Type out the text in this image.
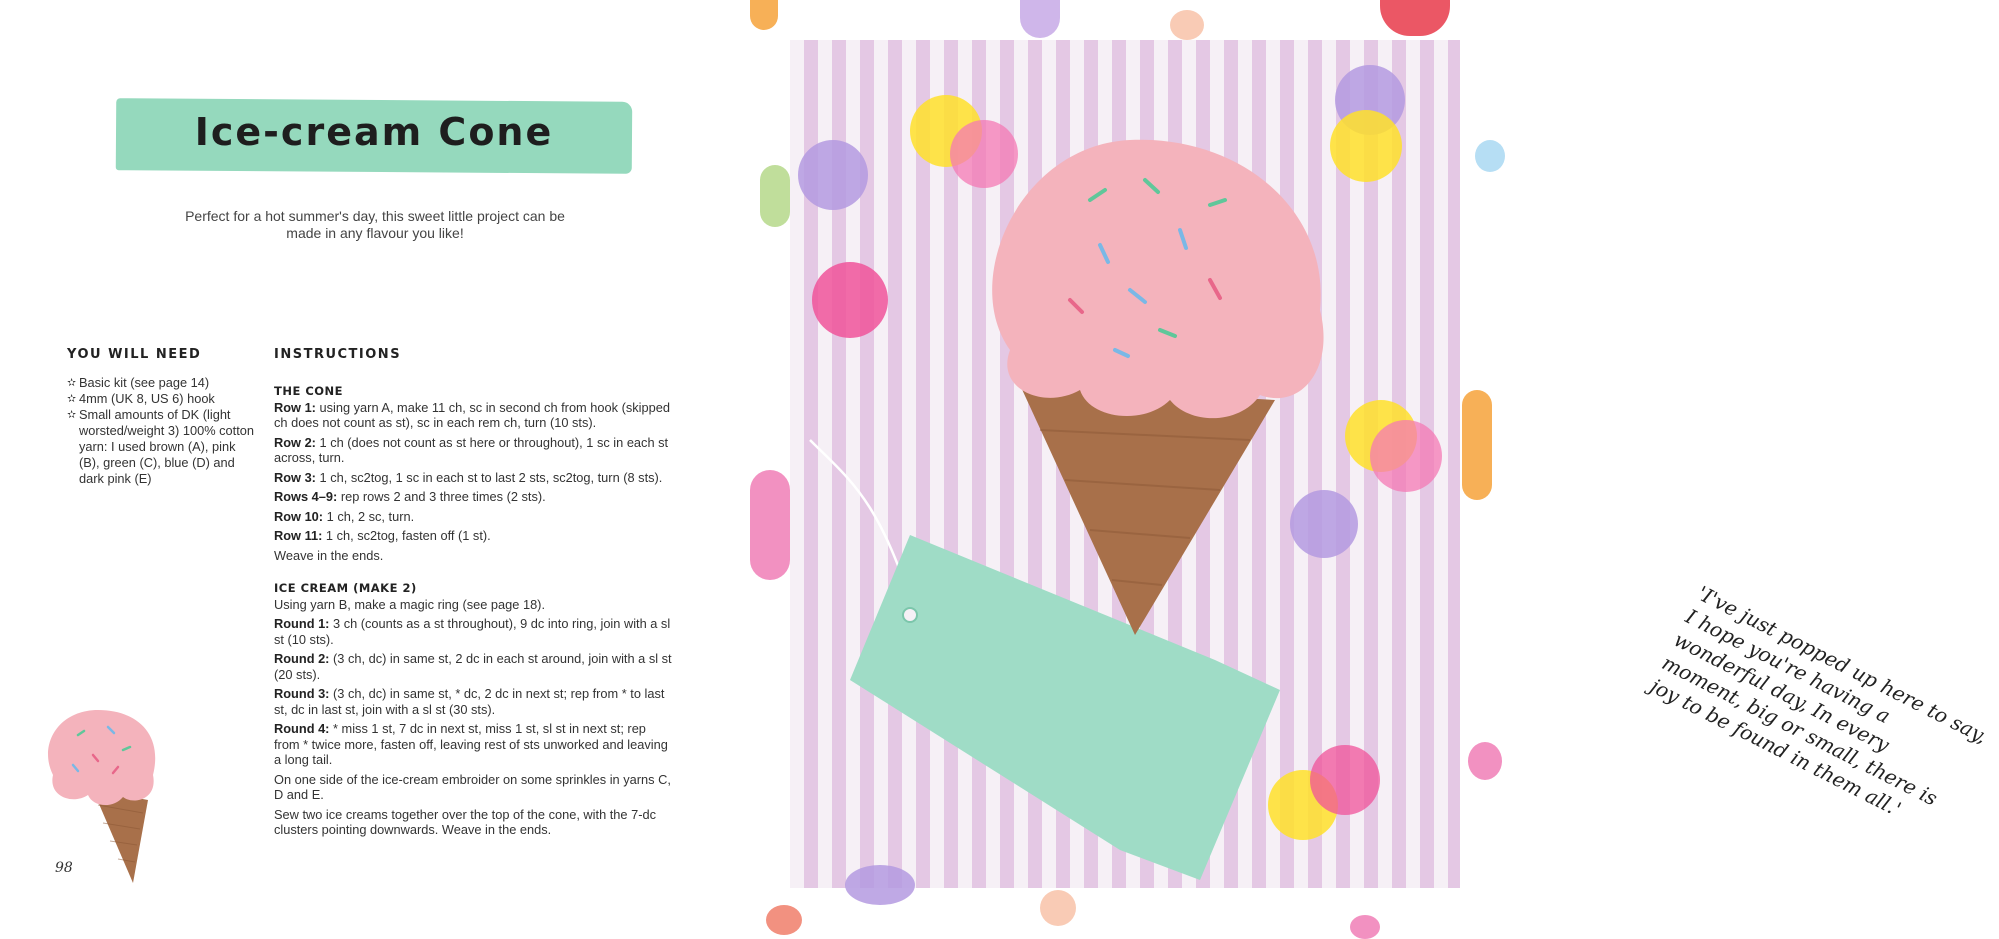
Ice-cream Cone

Perfect for a hot summer's day, this sweet little project can be made in any flavour you like!

YOU WILL NEED
✫ Basic kit (see page 14)
✫ 4mm (UK 8, US 6) hook
✫ Small amounts of DK (light worsted/weight 3) 100% cotton yarn: I used brown (A), pink (B), green (C), blue (D) and dark pink (E)
INSTRUCTIONS

THE CONE

Row 1: using yarn A, make 11 ch, sc in second ch from hook (skipped ch does not count as st), sc in each rem ch, turn (10 sts).

Row 2: 1 ch (does not count as st here or throughout), 1 sc in each st across, turn.

Row 3: 1 ch, sc2tog, 1 sc in each st to last 2 sts, sc2tog, turn (8 sts).

Rows 4–9: rep rows 2 and 3 three times (2 sts).

Row 10: 1 ch, 2 sc, turn.

Row 11: 1 ch, sc2tog, fasten off (1 st).

Weave in the ends.

ICE CREAM (MAKE 2)

Using yarn B, make a magic ring (see page 18).

Round 1: 3 ch (counts as a st throughout), 9 dc into ring, join with a sl st (10 sts).

Round 2: (3 ch, dc) in same st, 2 dc in each st around, join with a sl st (20 sts).

Round 3: (3 ch, dc) in same st, * dc, 2 dc in next st; rep from * to last st, dc in last st, join with a sl st (30 sts).

Round 4: * miss 1 st, 7 dc in next st, miss 1 st, sl st in next st; rep from * twice more, fasten off, leaving rest of sts unworked and leaving a long tail.

On one side of the ice-cream embroider on some sprinkles in yarns C, D and E.

Sew two ice creams together over the top of the cone, with the 7-dc clusters pointing downwards. Weave in the ends.

98

'I've just popped up here to say, I hope you're having a wonderful day, In every moment, big or small, there is joy to be found in them all.'
